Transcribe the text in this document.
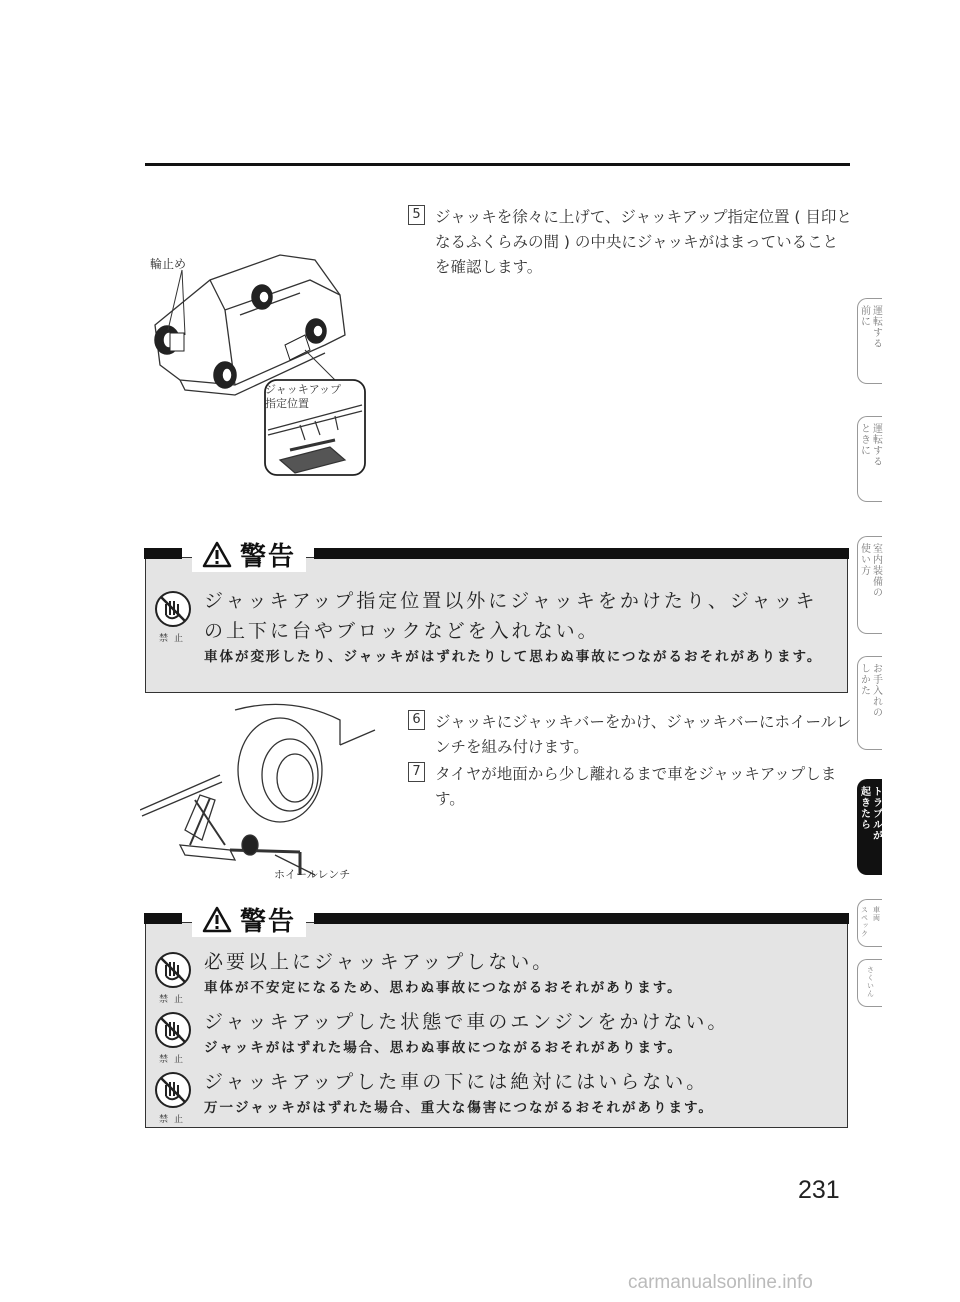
輪止め
ジャッキアップ
指定位置
5 ジャッキを徐々に上げて、ジャッキアップ指定位置 ( 目印となるふくらみの間 ) の中央にジャッキがはまっていることを確認します。
警告
禁止
ジャッキアップ指定位置以外にジャッキをかけたり、ジャッキの上下に台やブロックなどを入れない。
車体が変形したり、ジャッキがはずれたりして思わぬ事故につながるおそれがあります。
ホイールレンチ
6 ジャッキにジャッキバーをかけ、ジャッキバーにホイールレンチを組み付けます。
7 タイヤが地面から少し離れるまで車をジャッキアップします。
警告
禁止
必要以上にジャッキアップしない。
車体が不安定になるため、思わぬ事故につながるおそれがあります。
禁止
ジャッキアップした状態で車のエンジンをかけない。
ジャッキがはずれた場合、思わぬ事故につながるおそれがあります。
禁止
ジャッキアップした車の下には絶対にはいらない。
万一ジャッキがはずれた場合、重大な傷害につながるおそれがあります。
運転する
前に
運転する
ときに
室内装備の
使い方
お手入れの
しかた
トラブルが
起きたら
車両
スペック
さくいん
231
carmanualsonline.info
